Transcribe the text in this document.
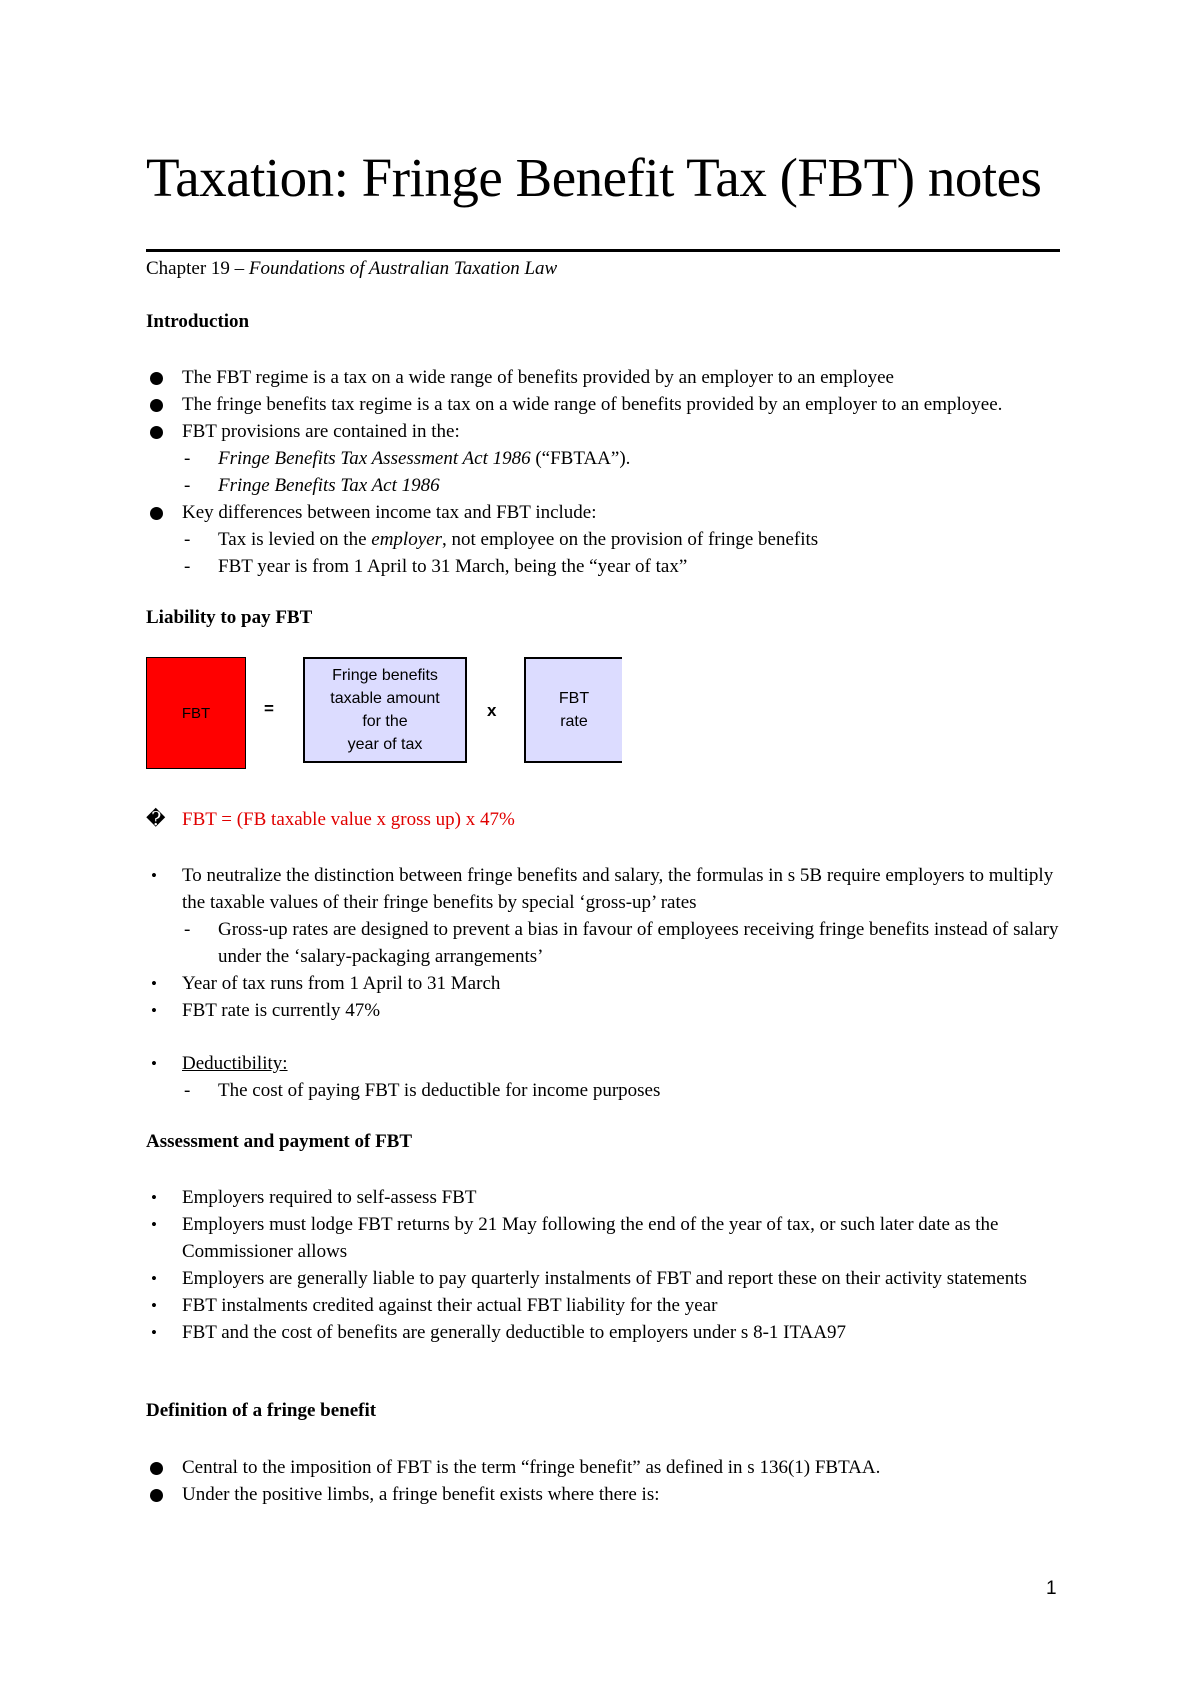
Taxation: Fringe Benefit Tax (FBT) notes
Chapter 19 – Foundations of Australian Taxation Law
Introduction
The FBT regime is a tax on a wide range of benefits provided by an employer to an employee
The fringe benefits tax regime is a tax on a wide range of benefits provided by an employer to an employee.
FBT provisions are contained in the:
- Fringe Benefits Tax Assessment Act 1986 (“FBTAA”).
- Fringe Benefits Tax Act 1986
Key differences between income tax and FBT include:
- Tax is levied on the employer, not employee on the provision of fringe benefits
- FBT year is from 1 April to 31 March, being the “year of tax”
Liability to pay FBT
FBT	=
Fringe benefits
taxable amount
for the
year of tax
x
FBT
rate
� FBT = (FB taxable value x gross up) x 47%
• To neutralize the distinction between fringe benefits and salary, the formulas in s 5B require employers to multiply the taxable values of their fringe benefits by special ‘gross-up’ rates
- Gross-up rates are designed to prevent a bias in favour of employees receiving fringe benefits instead of salary under the ‘salary-packaging arrangements’
• Year of tax runs from 1 April to 31 March
• FBT rate is currently 47%
• Deductibility:
- The cost of paying FBT is deductible for income purposes
Assessment and payment of FBT
• Employers required to self-assess FBT
• Employers must lodge FBT returns by 21 May following the end of the year of tax, or such later date as the Commissioner allows
• Employers are generally liable to pay quarterly instalments of FBT and report these on their activity statements
• FBT instalments credited against their actual FBT liability for the year
• FBT and the cost of benefits are generally deductible to employers under s 8-1 ITAA97
Definition of a fringe benefit
Central to the imposition of FBT is the term “fringe benefit” as defined in s 136(1) FBTAA.
Under the positive limbs, a fringe benefit exists where there is:
1
